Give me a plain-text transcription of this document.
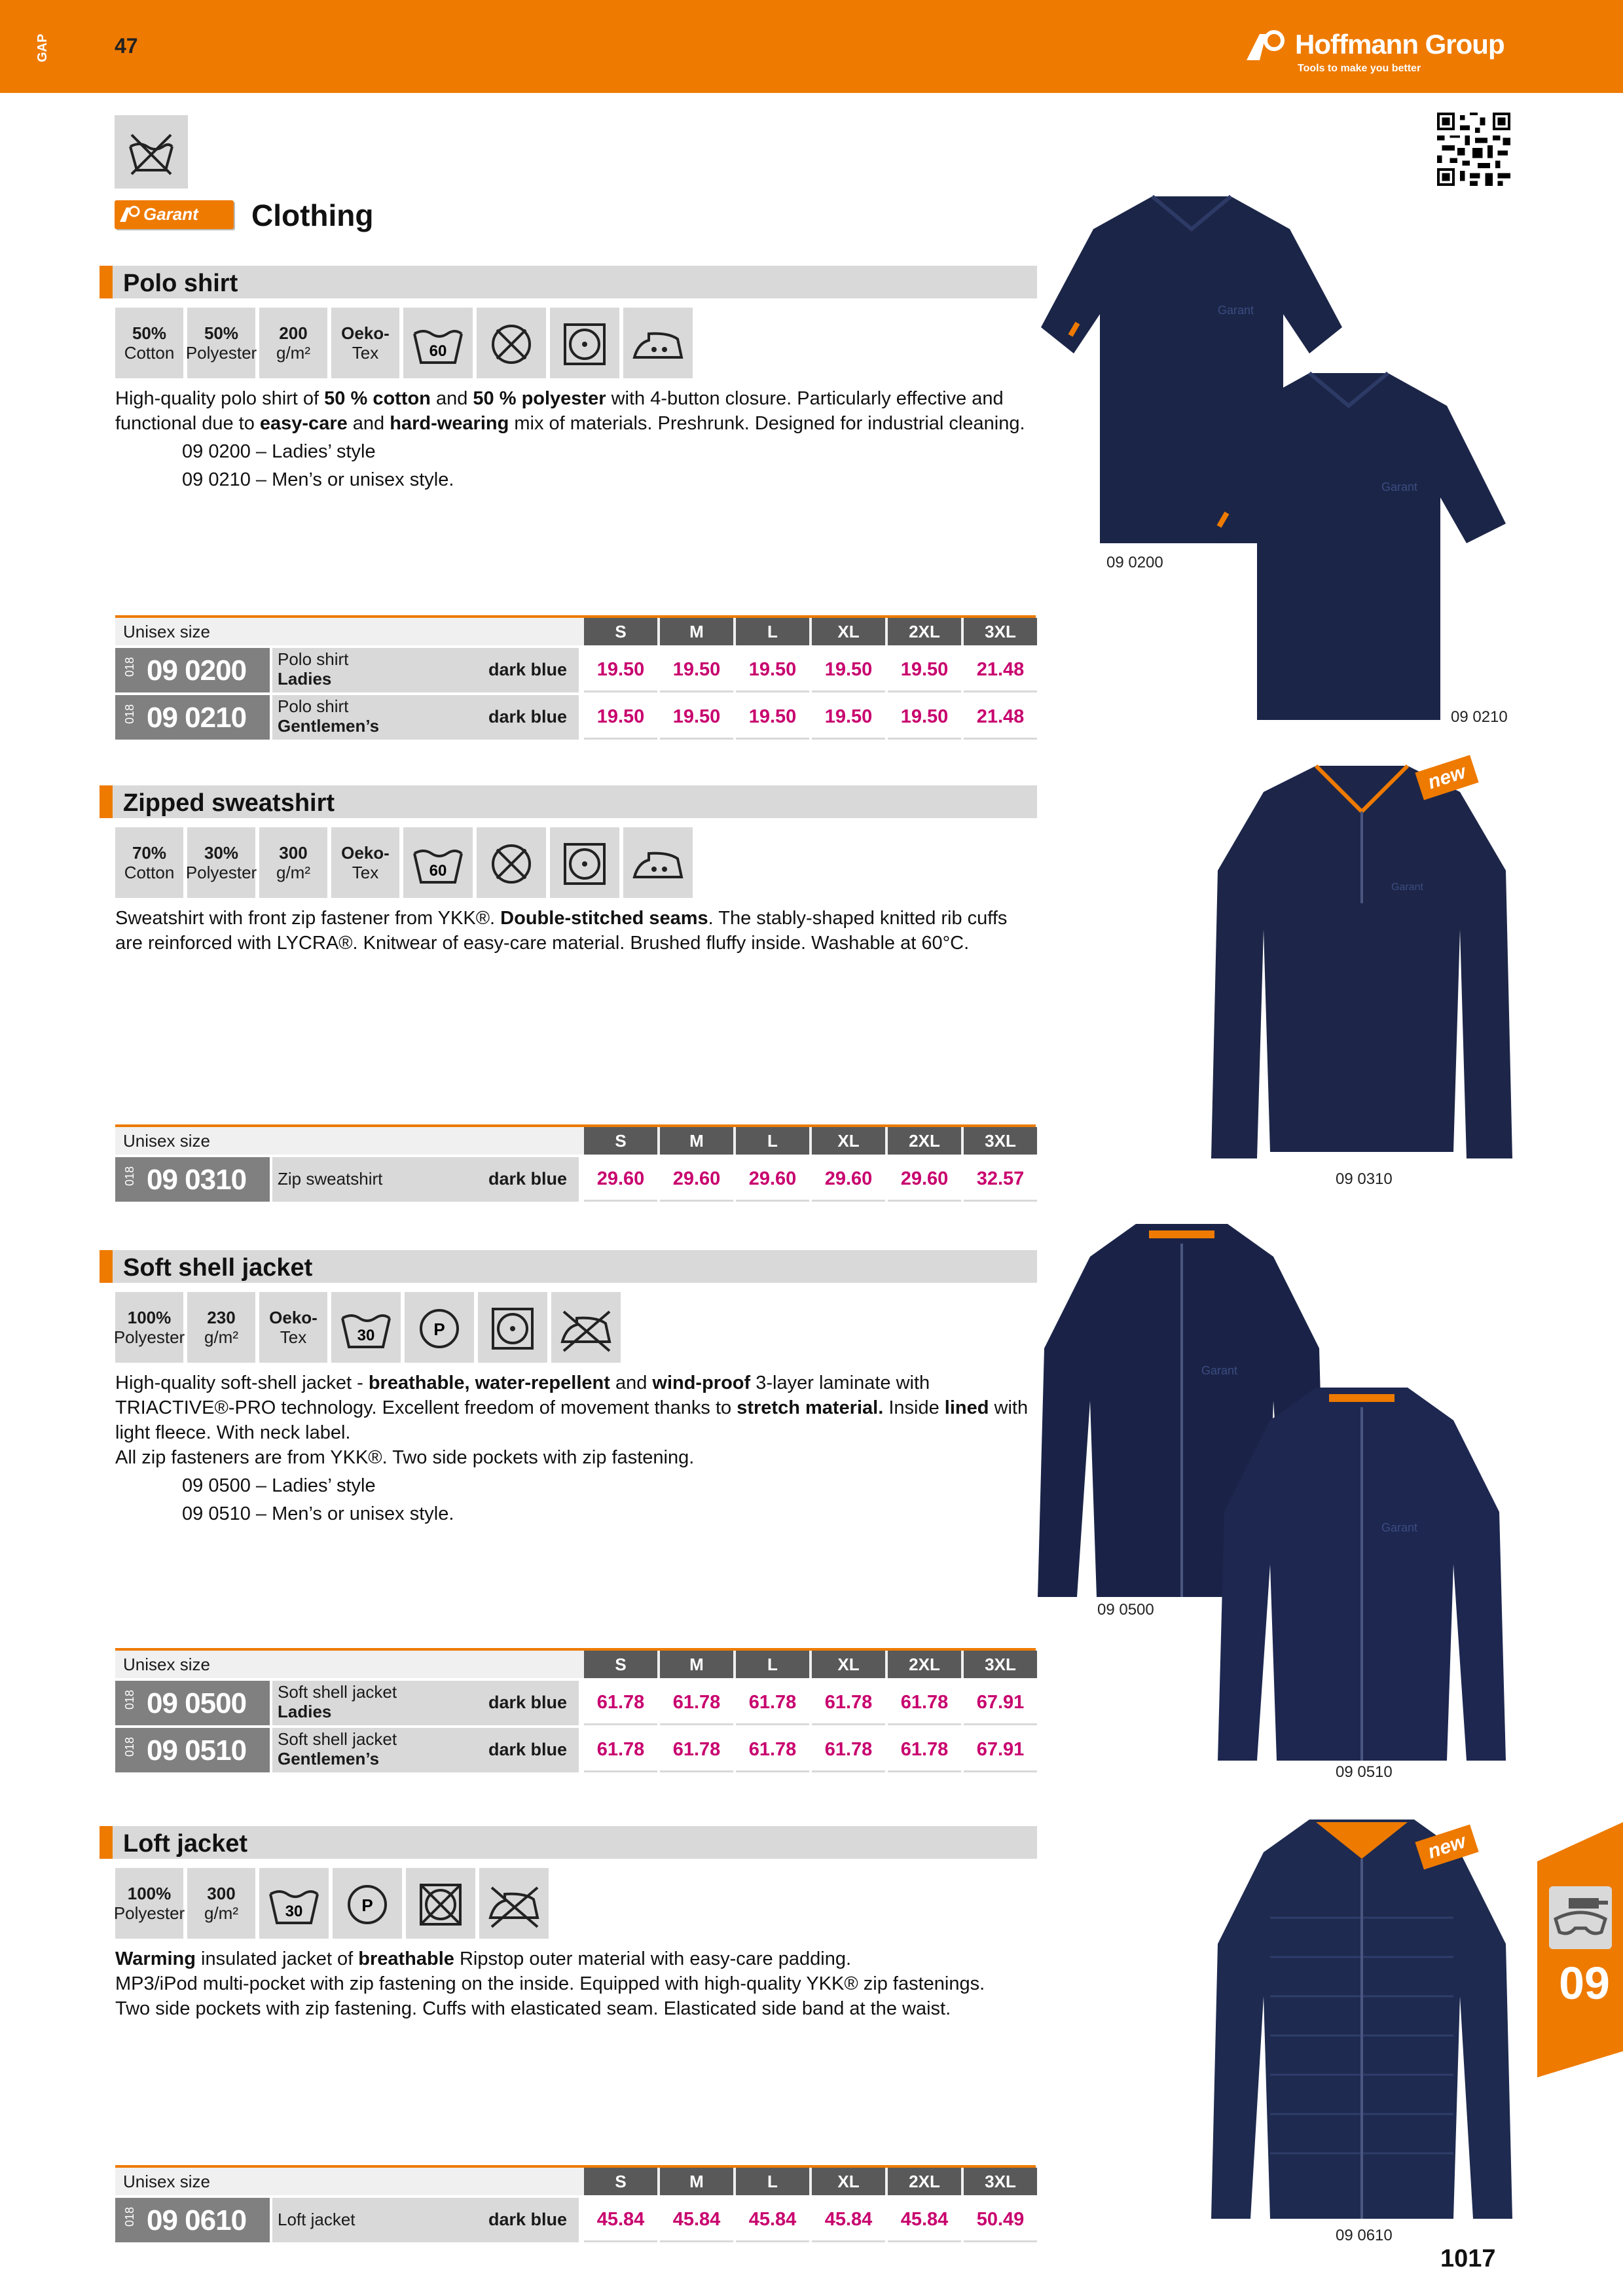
GAP	47	Hoffmann Group
Tools to make you better
Garant Clothing
Polo shirt
50%
Cotton
50%
Polyester
200
g/m²
Oeko-
Tex	60

High-quality polo shirt of 50 % cotton and 50 % polyester with 4-button closure. Particularly effective and functional due to easy-care and hard-wearing mix of materials. Preshrunk. Designed for industrial cleaning.

09 0200 – Ladies’ style

09 0210 – Men’s or unisex style.

Unisex size	S	M	L	XL	2XL	3XL
018 09 0200 Polo shirt
Ladies	dark blue	19.50	19.50	19.50	19.50	19.50	21.48
018 09 0210 Polo shirt
Gentlemen’s	dark blue	19.50	19.50	19.50	19.50	19.50	21.48
Garant
Garant
09 0200
09 0210
Zipped sweatshirt
70%
Cotton
30%
Polyester
300
g/m²
Oeko-
Tex	60

Sweatshirt with front zip fastener from YKK®. Double-stitched seams. The stably-shaped knitted rib cuffs are reinforced with LYCRA®. Knitwear of easy-care material. Brushed fluffy inside. Washable at 60°C.

Unisex size	S	M	L	XL	2XL	3XL
018 09 0310 Zip sweatshirt	dark blue	29.60	29.60	29.60	29.60	29.60	32.57
Garant
new
09 0310
Soft shell jacket
100%
Polyester
230
g/m²
Oeko-
Tex	30	P

High-quality soft-shell jacket - breathable, water-repellent and wind-proof 3-layer laminate with TRIACTIVE®-PRO technology. Excellent freedom of movement thanks to stretch material. Inside lined with light fleece. With neck label.

All zip fasteners are from YKK®. Two side pockets with zip fastening.

09 0500 – Ladies’ style

09 0510 – Men’s or unisex style.

Unisex size	S	M	L	XL	2XL	3XL
018 09 0500 Soft shell jacket
Ladies	dark blue	61.78	61.78	61.78	61.78	61.78	67.91
018 09 0510 Soft shell jacket
Gentlemen’s	dark blue	61.78	61.78	61.78	61.78	61.78	67.91
Garant
Garant
09 0500
09 0510
Loft jacket
100%
Polyester
300
g/m²	30	P

Warming insulated jacket of breathable Ripstop outer material with easy-care padding.

MP3/iPod multi-pocket with zip fastening on the inside. Equipped with high-quality YKK® zip fastenings.

Two side pockets with zip fastening. Cuffs with elasticated seam. Elasticated side band at the waist.

Unisex size	S	M	L	XL	2XL	3XL
018 09 0610 Loft jacket	dark blue	45.84	45.84	45.84	45.84	45.84	50.49
new
09 0610
09
1017
